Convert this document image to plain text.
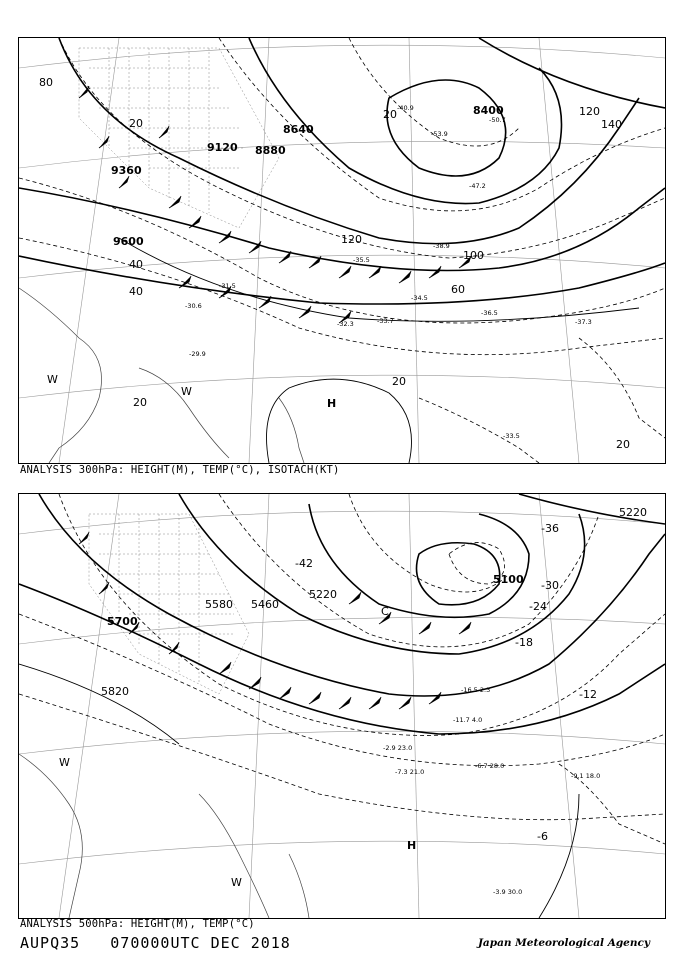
9360
9600
9120 8880
8640
8400
20
40
60
80
100
140
120
20
20
20
20
40
120
-30.6
-33.5
-37.3
-36.5
-34.5
-40.9
-50.7
-53.9
-47.2
-31.5
-29.9
-33.7
-32.3
-35.5
-38.9
H
W
W
ANALYSIS 300hPa: HEIGHT(M), TEMP(°C), ISOTACH(KT)
5700
5580 5460
5220
5100
5820
5220
-42
-36
-30
-24
-18
-12
-6
-3.9 30.0
-6.7 28.0
-9.1 18.0
-7.3 21.0
-2.9 23.0
-11.7 4.0
-16.5 2.3
H
C
W
W
ANALYSIS 500hPa: HEIGHT(M), TEMP(°C)
AUPQ35 070000UTC DEC 2018	Japan Meteorological Agency
